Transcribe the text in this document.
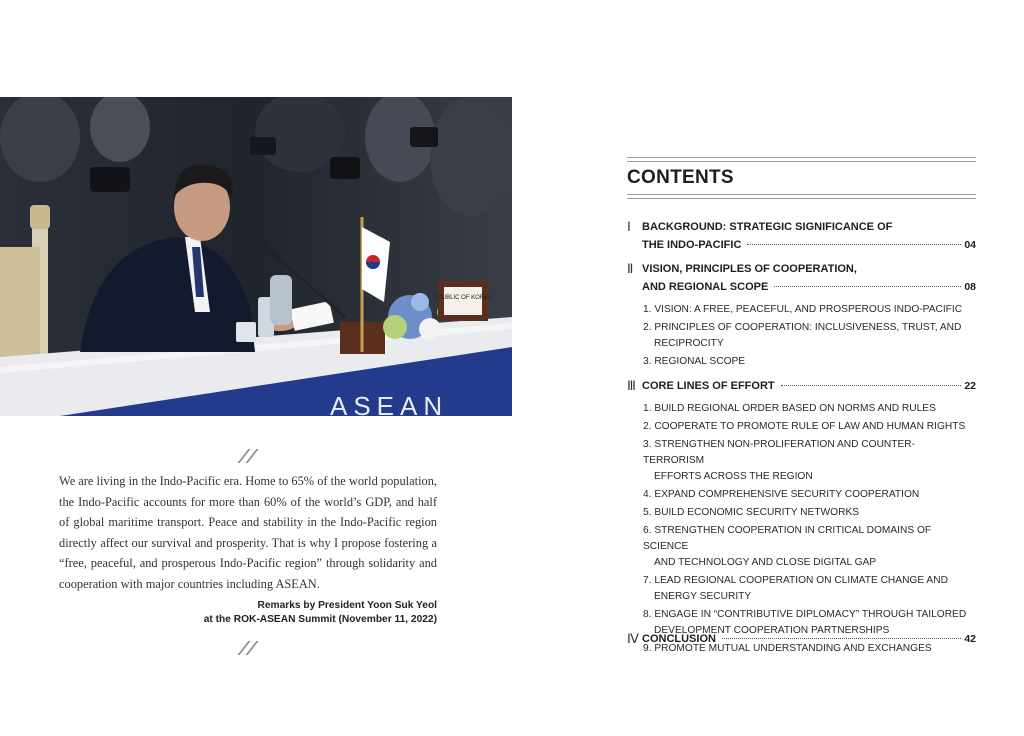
EPUBLIC OF KOREA
ASEAN

We are living in the Indo-Pacific era. Home to 65% of the world population, the Indo-Pacific accounts for more than 60% of the world’s GDP, and half of global maritime transport. Peace and stability in the Indo-Pacific region directly affect our survival and prosperity. That is why I propose fostering a “free, peaceful, and prosperous Indo-Pacific region” through solidarity and cooperation with major countries including ASEAN.

Remarks by President Yoon Suk Yeol
at the ROK-ASEAN Summit (November 11, 2022)
CONTENTS
Ⅰ	BACKGROUND: STRATEGIC SIGNIFICANCE OF
THE INDO-PACIFIC	04
Ⅱ VISION, PRINCIPLES OF COOPERATION,
AND REGIONAL SCOPE	08
1. VISION: A FREE, PEACEFUL, AND PROSPEROUS INDO-PACIFIC
2. PRINCIPLES OF COOPERATION: INCLUSIVENESS, TRUST, AND
RECIPROCITY
3. REGIONAL SCOPE
Ⅲ CORE LINES OF EFFORT	22
1. BUILD REGIONAL ORDER BASED ON NORMS AND RULES
2. COOPERATE TO PROMOTE RULE OF LAW AND HUMAN RIGHTS
3. STRENGTHEN NON-PROLIFERATION AND COUNTER-TERRORISM
EFFORTS ACROSS THE REGION
4. EXPAND COMPREHENSIVE SECURITY COOPERATION
5. BUILD ECONOMIC SECURITY NETWORKS
6. STRENGTHEN COOPERATION IN CRITICAL DOMAINS OF SCIENCE
AND TECHNOLOGY AND CLOSE DIGITAL GAP
7. LEAD REGIONAL COOPERATION ON CLIMATE CHANGE AND
ENERGY SECURITY
8. ENGAGE IN “CONTRIBUTIVE DIPLOMACY” THROUGH TAILORED
DEVELOPMENT COOPERATION PARTNERSHIPS
9. PROMOTE MUTUAL UNDERSTANDING AND EXCHANGES
Ⅳ CONCLUSION	42
